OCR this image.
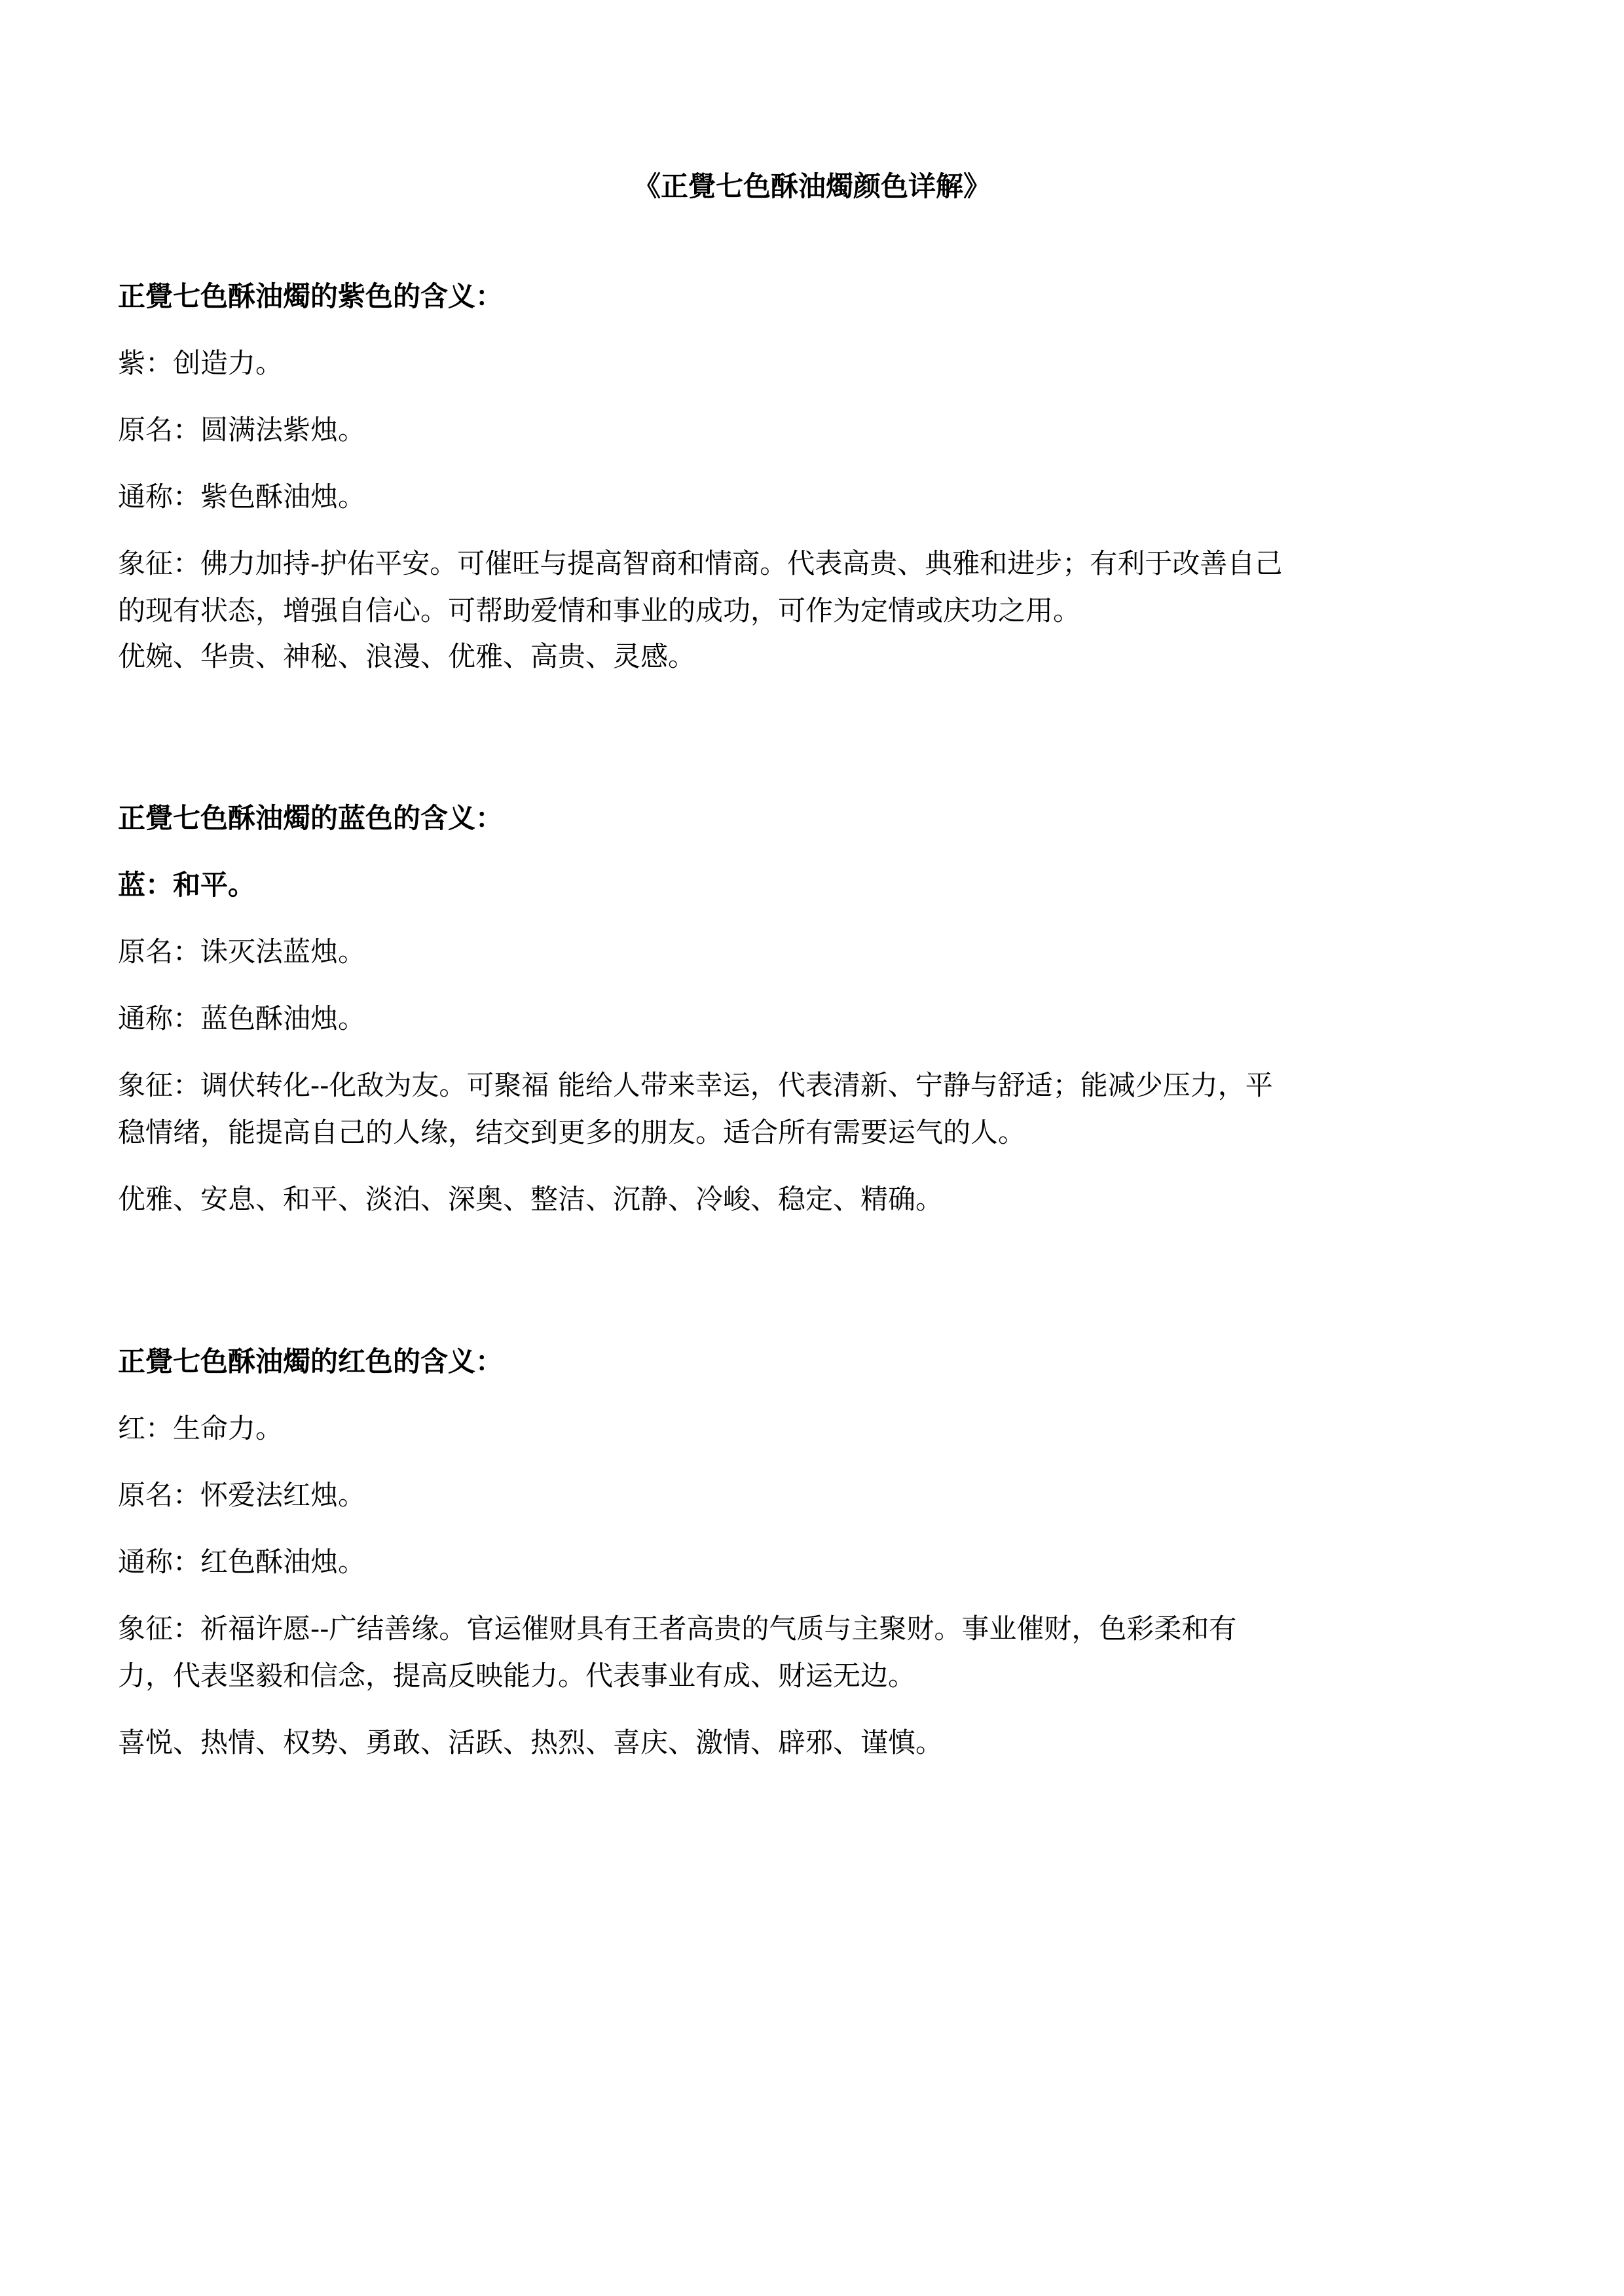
《正覺七色酥油燭颜色详解》
正覺七色酥油燭的紫色的含义：
紫：创造力。
原名：圆满法紫烛。
通称：紫色酥油烛。
象征：佛力加持-护佑平安。可催旺与提高智商和情商。代表高贵、典雅和进步；有利于改善自己
的现有状态，增强自信心。可帮助爱情和事业的成功，可作为定情或庆功之用。
优婉、华贵、神秘、浪漫、优雅、高贵、灵感。
正覺七色酥油燭的蓝色的含义：
蓝：和平。
原名：诛灭法蓝烛。
通称：蓝色酥油烛。
象征：调伏转化--化敌为友。可聚福 能给人带来幸运，代表清新、宁静与舒适；能减少压力，平
稳情绪，能提高自己的人缘，结交到更多的朋友。适合所有需要运气的人。
优雅、安息、和平、淡泊、深奥、整洁、沉静、冷峻、稳定、精确。
正覺七色酥油燭的红色的含义：
红：生命力。
原名：怀爱法红烛。
通称：红色酥油烛。
象征：祈福许愿--广结善缘。官运催财具有王者高贵的气质与主聚财。事业催财，色彩柔和有
力，代表坚毅和信念，提高反映能力。代表事业有成、财运无边。
喜悦、热情、权势、勇敢、活跃、热烈、喜庆、激情、辟邪、谨慎。
